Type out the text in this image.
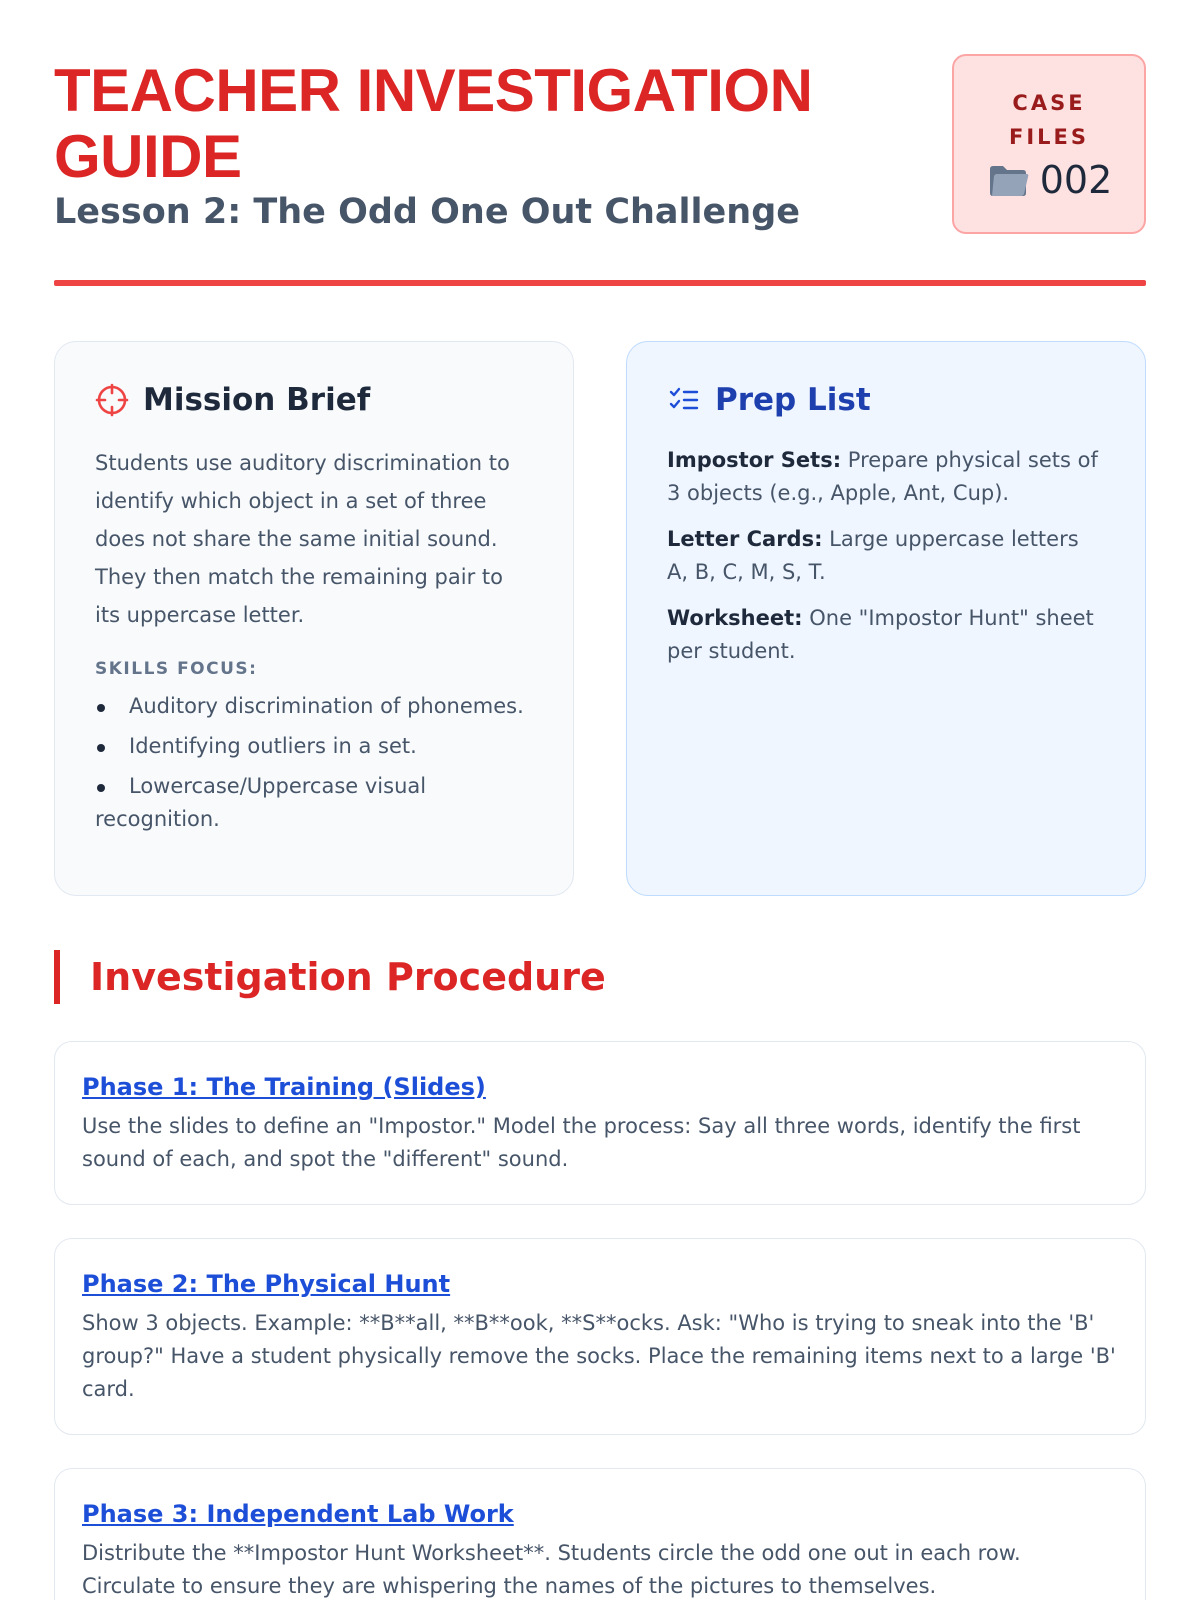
TEACHER INVESTIGATION GUIDE
Lesson 2: The Odd One Out Challenge
CASE FILES
002
Mission Brief

Students use auditory discrimination to identify which object in a set of three does not share the same initial sound. They then match the remaining pair to its uppercase letter.

SKILLS FOCUS:
Auditory discrimination of phonemes.
Identifying outliers in a set.
Lowercase/Uppercase visual recognition.
Prep List

Impostor Sets: Prepare physical sets of 3 objects (e.g., Apple, Ant, Cup).

Letter Cards: Large uppercase letters A, B, C, M, S, T.

Worksheet: One "Impostor Hunt" sheet per student.

Investigation Procedure
Phase 1: The Training (Slides)

Use the slides to define an "Impostor." Model the process: Say all three words, identify the first sound of each, and spot the "different" sound.

Phase 2: The Physical Hunt

Show 3 objects. Example: **B**all, **B**ook, **S**ocks. Ask: "Who is trying to sneak into the 'B' group?" Have a student physically remove the socks. Place the remaining items next to a large 'B' card.

Phase 3: Independent Lab Work

Distribute the **Impostor Hunt Worksheet**. Students circle the odd one out in each row. Circulate to ensure they are whispering the names of the pictures to themselves.
